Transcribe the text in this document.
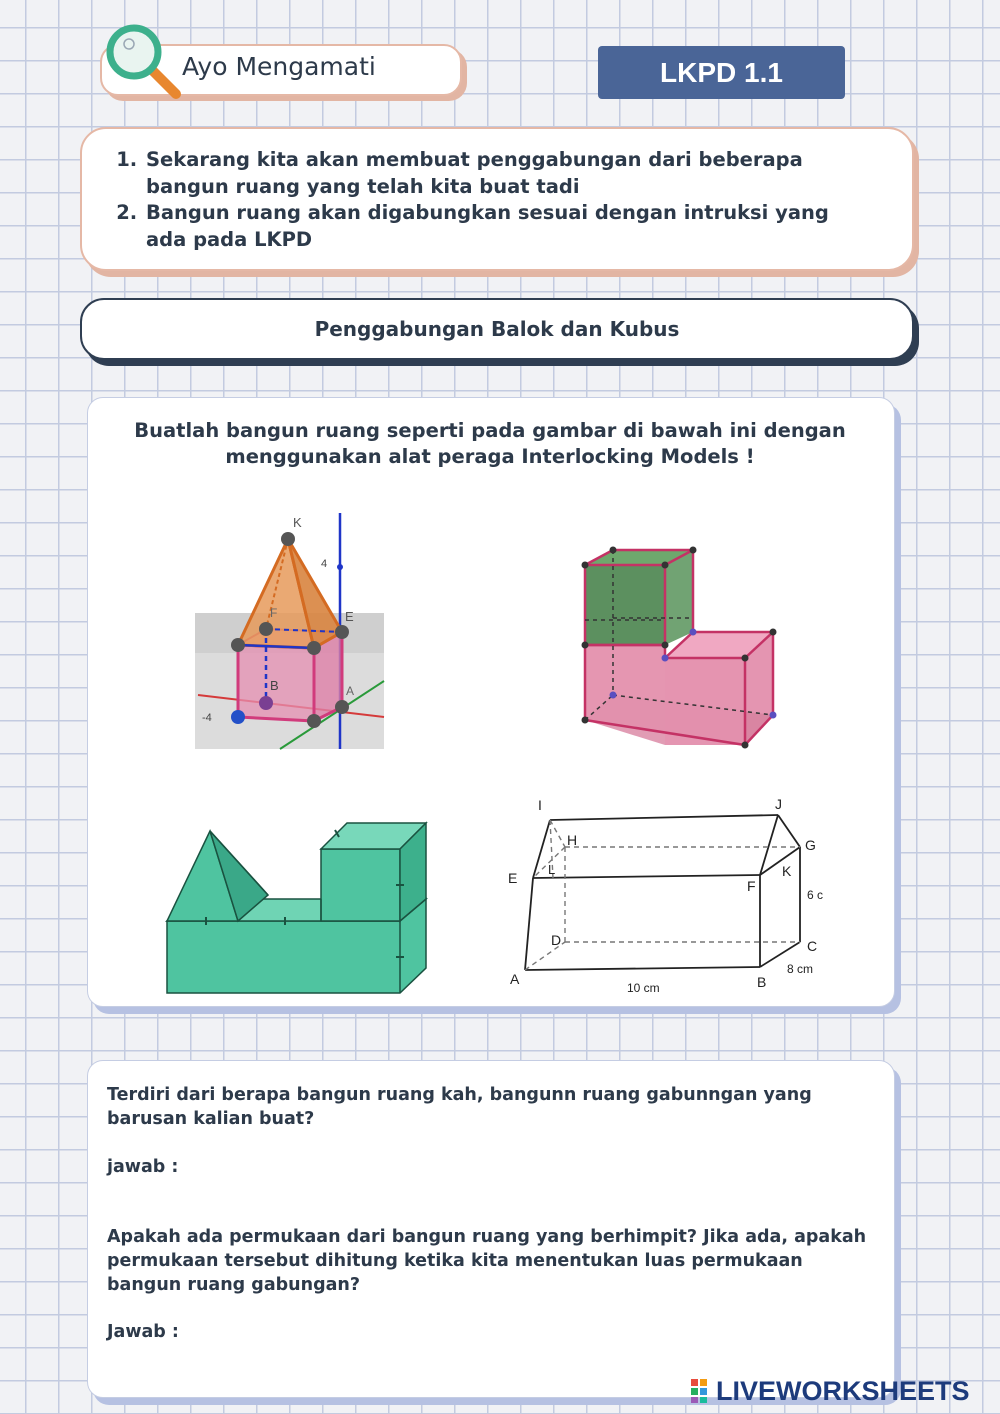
Ayo Mengamati	LKPD 1.1
1. Sekarang kita akan membuat penggabungan dari beberapa bangun ruang yang telah kita buat tadi
2. Bangun ruang akan digabungkan sesuai dengan intruksi yang ada pada LKPD
Penggabungan Balok dan Kubus
Buatlah bangun ruang seperti pada gambar di bawah ini dengan
menggunakan alat peraga Interlocking Models !
4
-4
K
E
F
B	A
I	J
H	G
E
L
F
K
6 c
D	C
8 cm
A	B
10 cm
Terdiri dari berapa bangun ruang kah, bangunn ruang gabunngan yang barusan kalian buat?
jawab :
Apakah ada permukaan dari bangun ruang yang berhimpit? Jika ada, apakah permukaan tersebut dihitung ketika kita menentukan luas permukaan bangun ruang gabungan?
Jawab :
LIVEWORKSHEETS
